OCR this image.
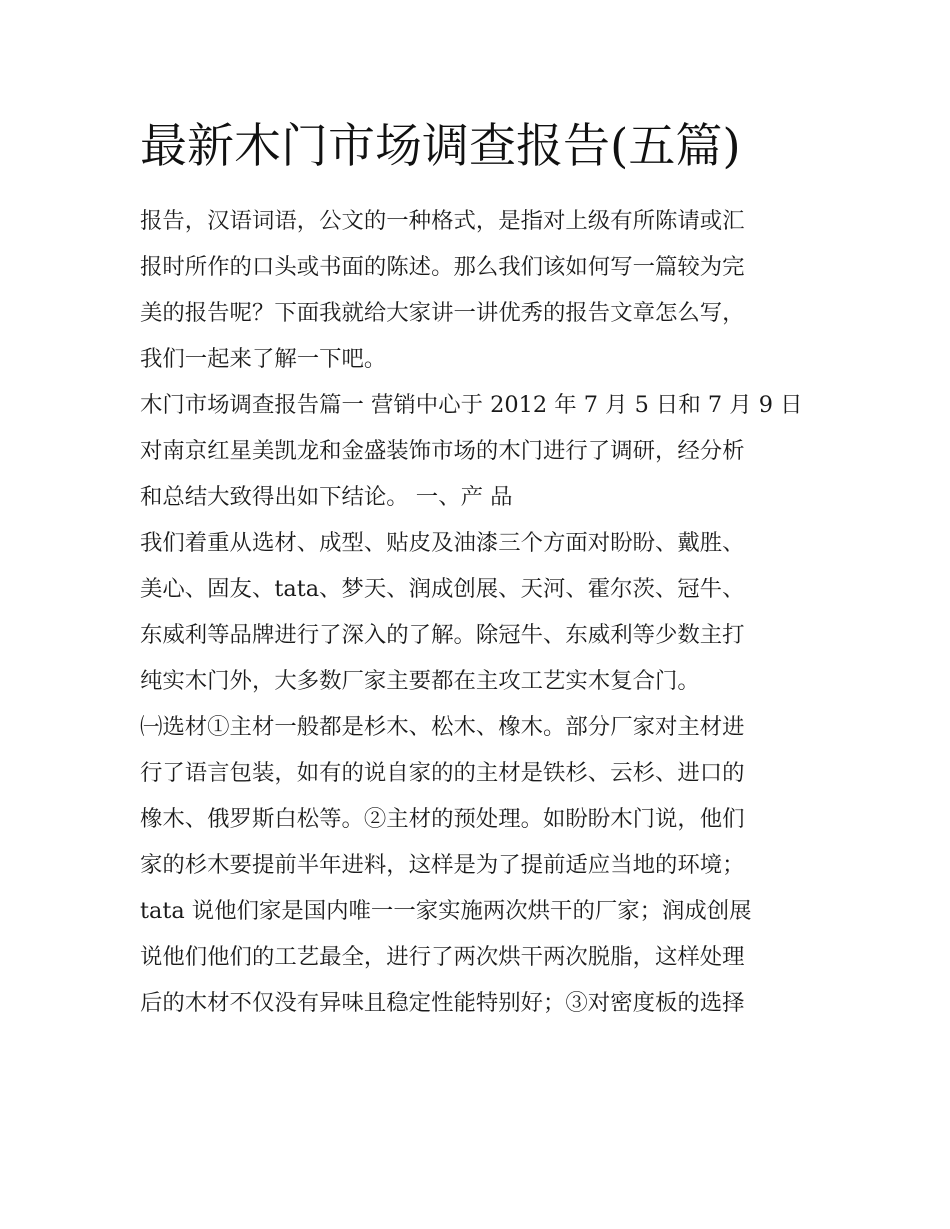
最新木门市场调查报告(五篇)
报告，汉语词语，公文的一种格式，是指对上级有所陈请或汇
报时所作的口头或书面的陈述。那么我们该如何写一篇较为完
美的报告呢？下面我就给大家讲一讲优秀的报告文章怎么写，
我们一起来了解一下吧。
木门市场调查报告篇一 营销中心于 2012 年 7 月 5 日和 7 月 9 日
对南京红星美凯龙和金盛装饰市场的木门进行了调研，经分析
和总结大致得出如下结论。 一、产 品
我们着重从选材、成型、贴皮及油漆三个方面对盼盼、戴胜、
美心、固友、tata、梦天、润成创展、天河、霍尔茨、冠牛、
东威利等品牌进行了深入的了解。除冠牛、东威利等少数主打
纯实木门外，大多数厂家主要都在主攻工艺实木复合门。
㈠选材①主材一般都是杉木、松木、橡木。部分厂家对主材进
行了语言包装，如有的说自家的的主材是铁杉、云杉、进口的
橡木、俄罗斯白松等。②主材的预处理。如盼盼木门说，他们
家的杉木要提前半年进料，这样是为了提前适应当地的环境；
tata 说他们家是国内唯一一家实施两次烘干的厂家；润成创展
说他们他们的工艺最全，进行了两次烘干两次脱脂，这样处理
后的木材不仅没有异味且稳定性能特别好；③对密度板的选择
